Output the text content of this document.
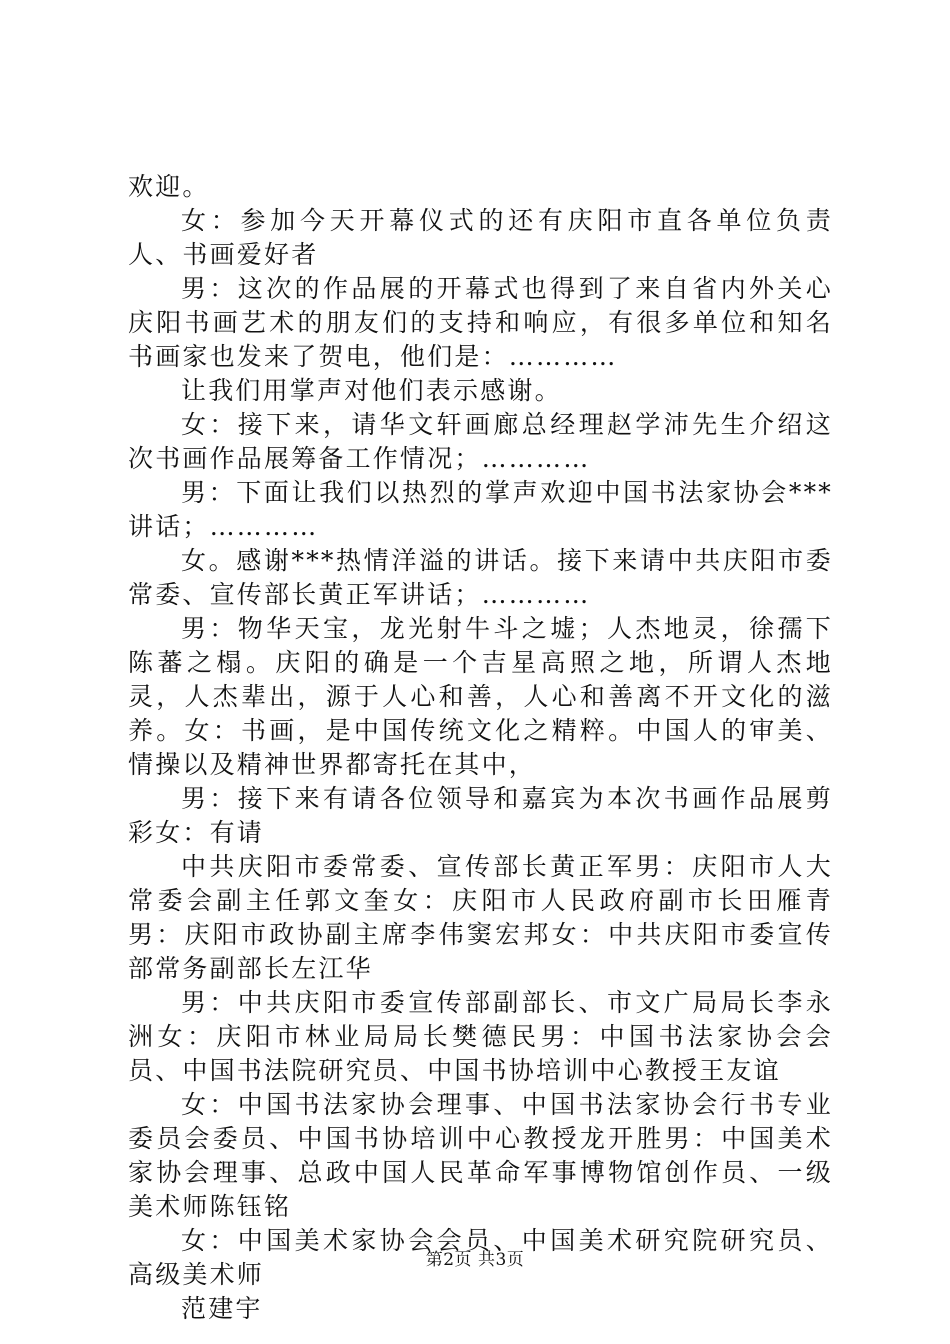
欢迎。

女：参加今天开幕仪式的还有庆阳市直各单位负责人、书画爱好者

男：这次的作品展的开幕式也得到了来自省内外关心庆阳书画艺术的朋友们的支持和响应，有很多单位和知名书画家也发来了贺电，他们是：…………

让我们用掌声对他们表示感谢。

女：接下来，请华文轩画廊总经理赵学沛先生介绍这次书画作品展筹备工作情况；…………

男：下面让我们以热烈的掌声欢迎中国书法家协会***讲话；…………

女。感谢***热情洋溢的讲话。接下来请中共庆阳市委常委、宣传部长黄正军讲话；…………

男：物华天宝，龙光射牛斗之墟；人杰地灵，徐孺下陈蕃之榻。庆阳的确是一个吉星高照之地，所谓人杰地灵，人杰辈出，源于人心和善，人心和善离不开文化的滋养。女：书画，是中国传统文化之精粹。中国人的审美、情操以及精神世界都寄托在其中，

男：接下来有请各位领导和嘉宾为本次书画作品展剪彩女：有请

中共庆阳市委常委、宣传部长黄正军男：庆阳市人大常委会副主任郭文奎女：庆阳市人民政府副市长田雁青男：庆阳市政协副主席李伟窦宏邦女：中共庆阳市委宣传部常务副部长左江华

男：中共庆阳市委宣传部副部长、市文广局局长李永洲女：庆阳市林业局局长樊德民男：中国书法家协会会员、中国书法院研究员、中国书协培训中心教授王友谊

女：中国书法家协会理事、中国书法家协会行书专业委员会委员、中国书协培训中心教授龙开胜男：中国美术家协会理事、总政中国人民革命军事博物馆创作员、一级美术师陈钰铭

女：中国美术家协会会员、中国美术研究院研究员、高级美术师

范建宇

第2页 共3页
